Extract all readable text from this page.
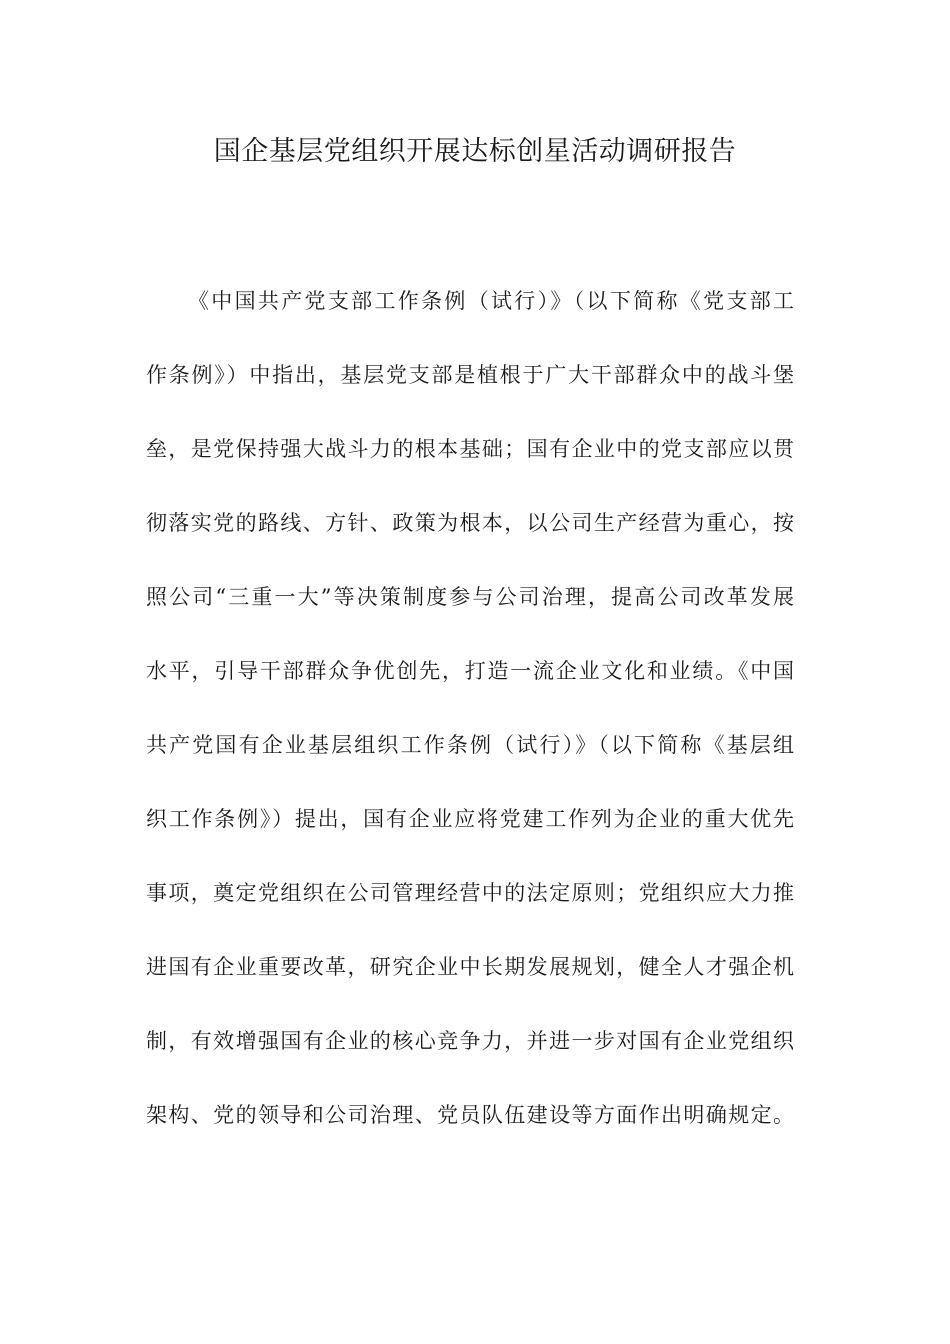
国企基层党组织开展达标创星活动调研报告
《中国共产党支部工作条例（试行）》（以下简称《党支部工
作条例》）中指出，基层党支部是植根于广大干部群众中的战斗堡
垒，是党保持强大战斗力的根本基础；国有企业中的党支部应以贯
彻落实党的路线、方针、政策为根本，以公司生产经营为重心，按
照公司“三重一大”等决策制度参与公司治理，提高公司改革发展
水平，引导干部群众争优创先，打造一流企业文化和业绩。《中国
共产党国有企业基层组织工作条例（试行）》（以下简称《基层组
织工作条例》）提出，国有企业应将党建工作列为企业的重大优先
事项，奠定党组织在公司管理经营中的法定原则；党组织应大力推
进国有企业重要改革，研究企业中长期发展规划，健全人才强企机
制，有效增强国有企业的核心竞争力，并进一步对国有企业党组织
架构、党的领导和公司治理、党员队伍建设等方面作出明确规定。
